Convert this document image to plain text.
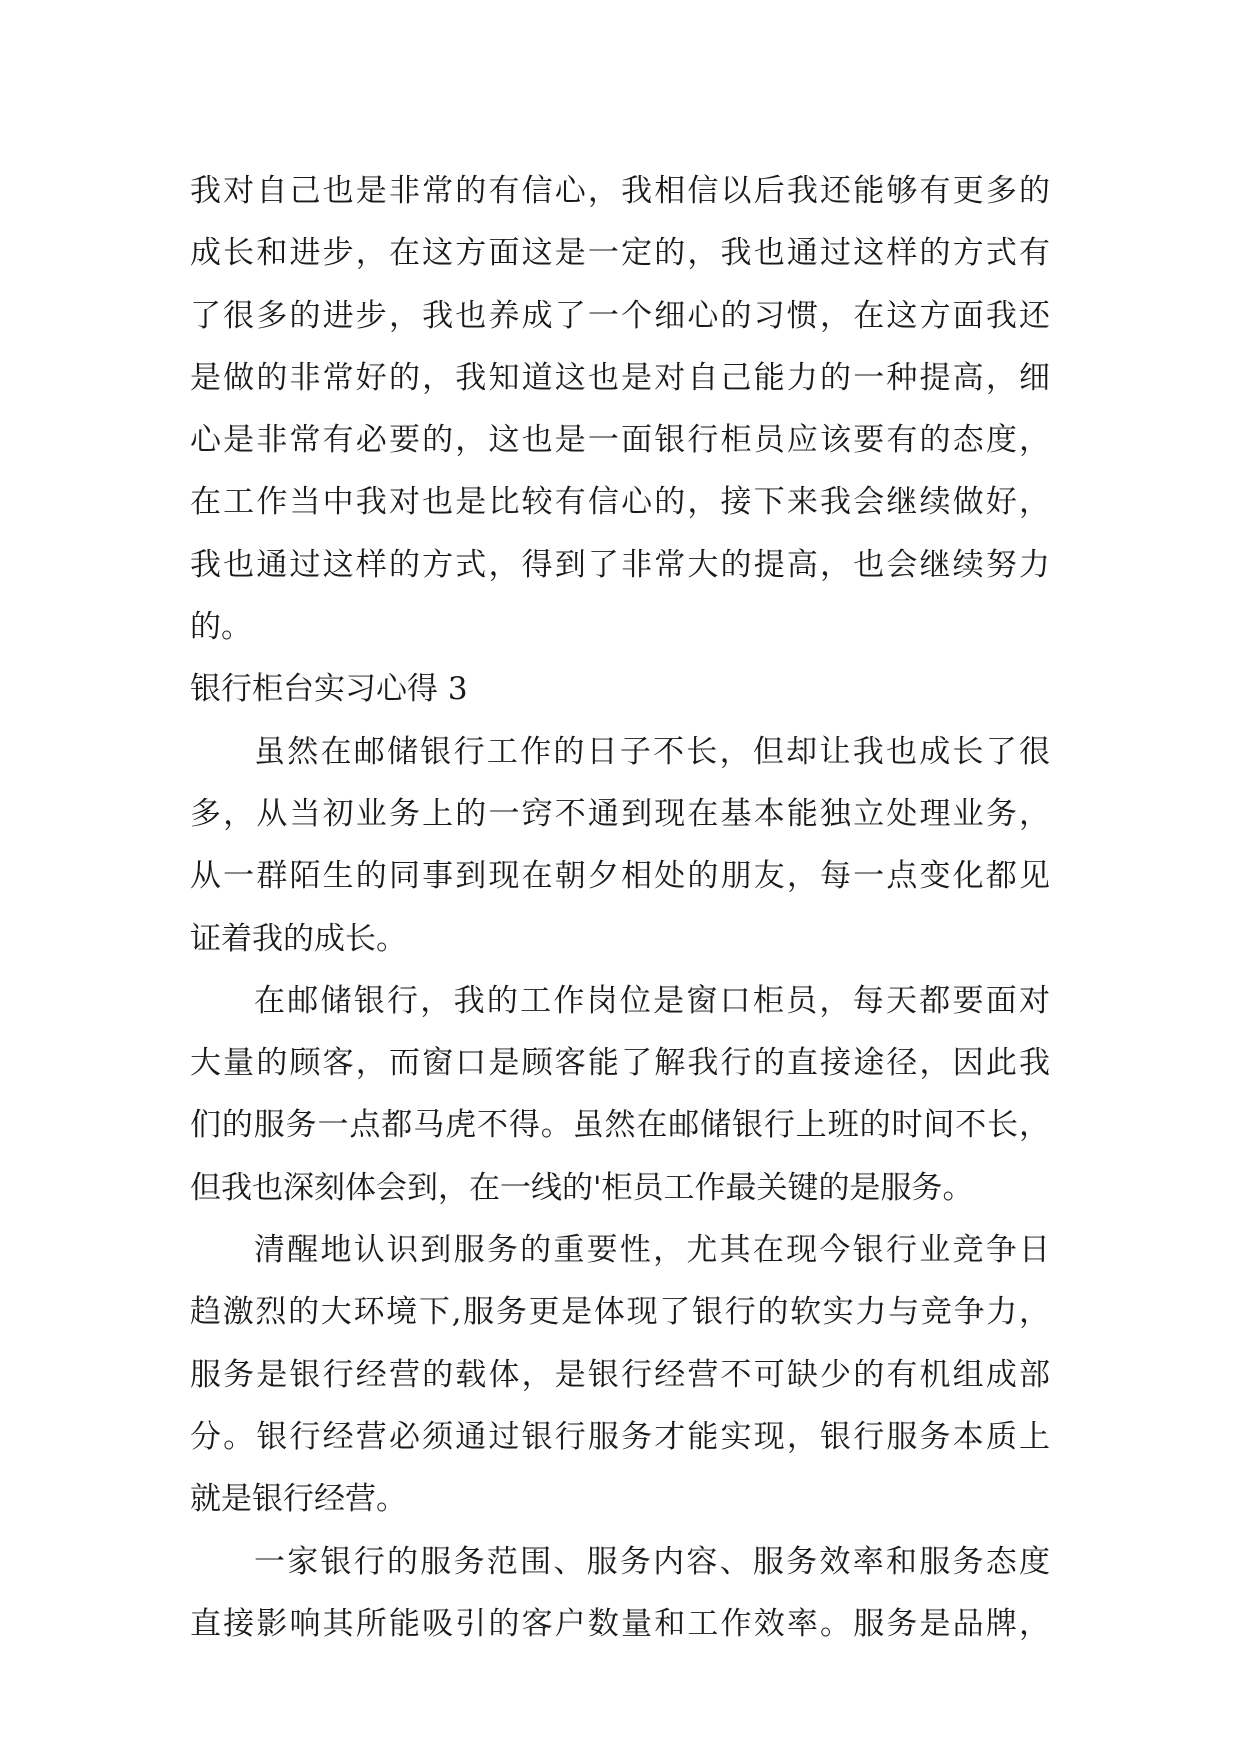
我对自己也是非常的有信心，我相信以后我还能够有更多的
成长和进步，在这方面这是一定的，我也通过这样的方式有
了很多的进步，我也养成了一个细心的习惯，在这方面我还
是做的非常好的，我知道这也是对自己能力的一种提高，细
心是非常有必要的，这也是一面银行柜员应该要有的态度，
在工作当中我对也是比较有信心的，接下来我会继续做好，
我也通过这样的方式，得到了非常大的提高，也会继续努力
的。
银行柜台实习心得 3
虽然在邮储银行工作的日子不长，但却让我也成长了很
多，从当初业务上的一窍不通到现在基本能独立处理业务，
从一群陌生的同事到现在朝夕相处的朋友，每一点变化都见
证着我的成长。
在邮储银行，我的工作岗位是窗口柜员，每天都要面对
大量的顾客，而窗口是顾客能了解我行的直接途径，因此我
们的服务一点都马虎不得。虽然在邮储银行上班的时间不长，
但我也深刻体会到，在一线的'柜员工作最关键的是服务。
清醒地认识到服务的重要性，尤其在现今银行业竞争日
趋激烈的大环境下,服务更是体现了银行的软实力与竞争力，
服务是银行经营的载体，是银行经营不可缺少的有机组成部
分。银行经营必须通过银行服务才能实现，银行服务本质上
就是银行经营。
一家银行的服务范围、服务内容、服务效率和服务态度
直接影响其所能吸引的客户数量和工作效率。服务是品牌，
